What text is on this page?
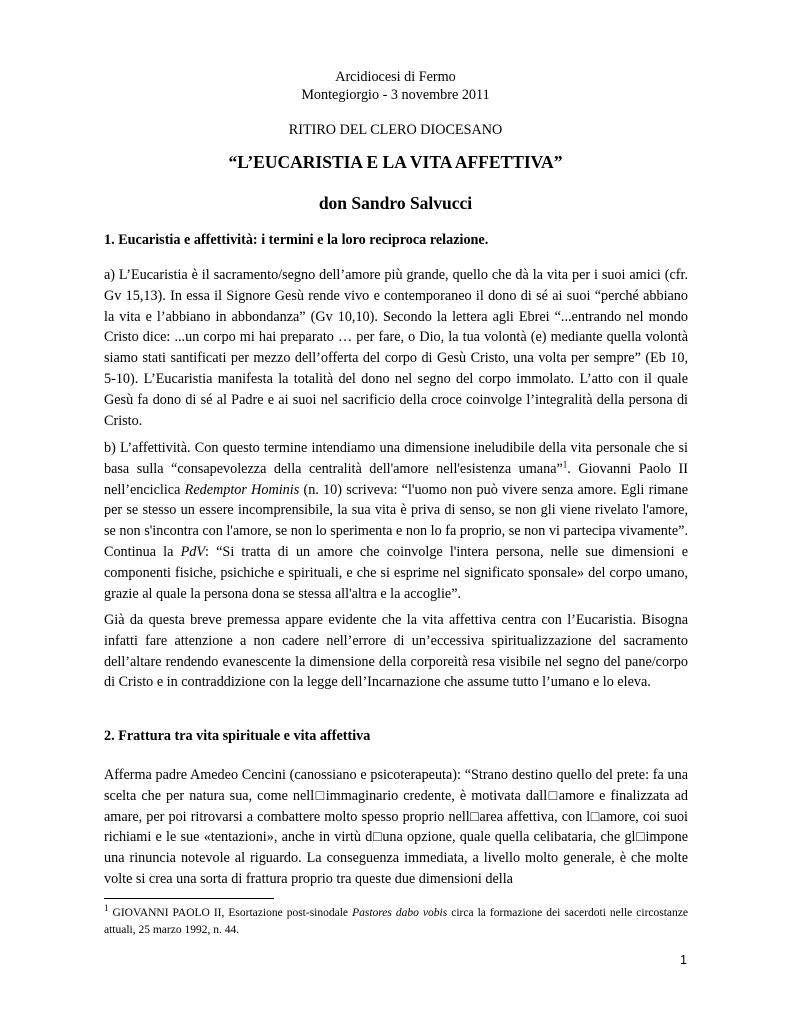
Arcidiocesi di Fermo
Montegiorgio - 3 novembre 2011
RITIRO DEL CLERO DIOCESANO
“L’EUCARISTIA E LA VITA AFFETTIVA”
don Sandro Salvucci
1. Eucaristia e affettività: i termini e la loro reciproca relazione.
a) L’Eucaristia è il sacramento/segno dell’amore più grande, quello che dà la vita per i suoi amici (cfr. Gv 15,13). In essa il Signore Gesù rende vivo e contemporaneo il dono di sé ai suoi “perché abbiano la vita e l’abbiano in abbondanza” (Gv 10,10). Secondo la lettera agli Ebrei “...entrando nel mondo Cristo dice: ...un corpo mi hai preparato … per fare, o Dio, la tua volontà (e) mediante quella volontà siamo stati santificati per mezzo dell’offerta del corpo di Gesù Cristo, una volta per sempre” (Eb 10, 5-10). L’Eucaristia manifesta la totalità del dono nel segno del corpo immolato. L’atto con il quale Gesù fa dono di sé al Padre e ai suoi nel sacrificio della croce coinvolge l’integralità della persona di Cristo.
b) L’affettività. Con questo termine intendiamo una dimensione ineludibile della vita personale che si basa sulla “consapevolezza della centralità dell'amore nell'esistenza umana”$^1$. Giovanni Paolo II nell’enciclica Redemptor Hominis (n. 10) scriveva: “l'uomo non può vivere senza amore. Egli rimane per se stesso un essere incomprensibile, la sua vita è priva di senso, se non gli viene rivelato l'amore, se non s'incontra con l'amore, se non lo sperimenta e non lo fa proprio, se non vi partecipa vivamente”. Continua la PdV: “Si tratta di un amore che coinvolge l'intera persona, nelle sue dimensioni e componenti fisiche, psichiche e spirituali, e che si esprime nel significato sponsale» del corpo umano, grazie al quale la persona dona se stessa all'altra e la accoglie”.
Già da questa breve premessa appare evidente che la vita affettiva centra con l’Eucaristia. Bisogna infatti fare attenzione a non cadere nell’errore di un’eccessiva spiritualizzazione del sacramento dell’altare rendendo evanescente la dimensione della corporeità resa visibile nel segno del pane/corpo di Cristo e in contraddizione con la legge dell’Incarnazione che assume tutto l’umano e lo eleva.
2. Frattura tra vita spirituale e vita affettiva
Afferma padre Amedeo Cencini (canossiano e psicoterapeuta): “Strano destino quello del prete: fa una scelta che per natura sua, come nell□immaginario credente, è motivata dall□amore e finalizzata ad amare, per poi ritrovarsi a combattere molto spesso proprio nell□area affettiva, con l□amore, coi suoi richiami e le sue «tentazioni», anche in virtù d□una opzione, quale quella celibataria, che gl□impone una rinuncia notevole al riguardo. La conseguenza immediata, a livello molto generale, è che molte volte si crea una sorta di frattura proprio tra queste due dimensioni della
$^1$ GIOVANNI PAOLO II, Esortazione post-sinodale Pastores dabo vobis circa la formazione dei sacerdoti nelle circostanze attuali, 25 marzo 1992, n. 44.
1
